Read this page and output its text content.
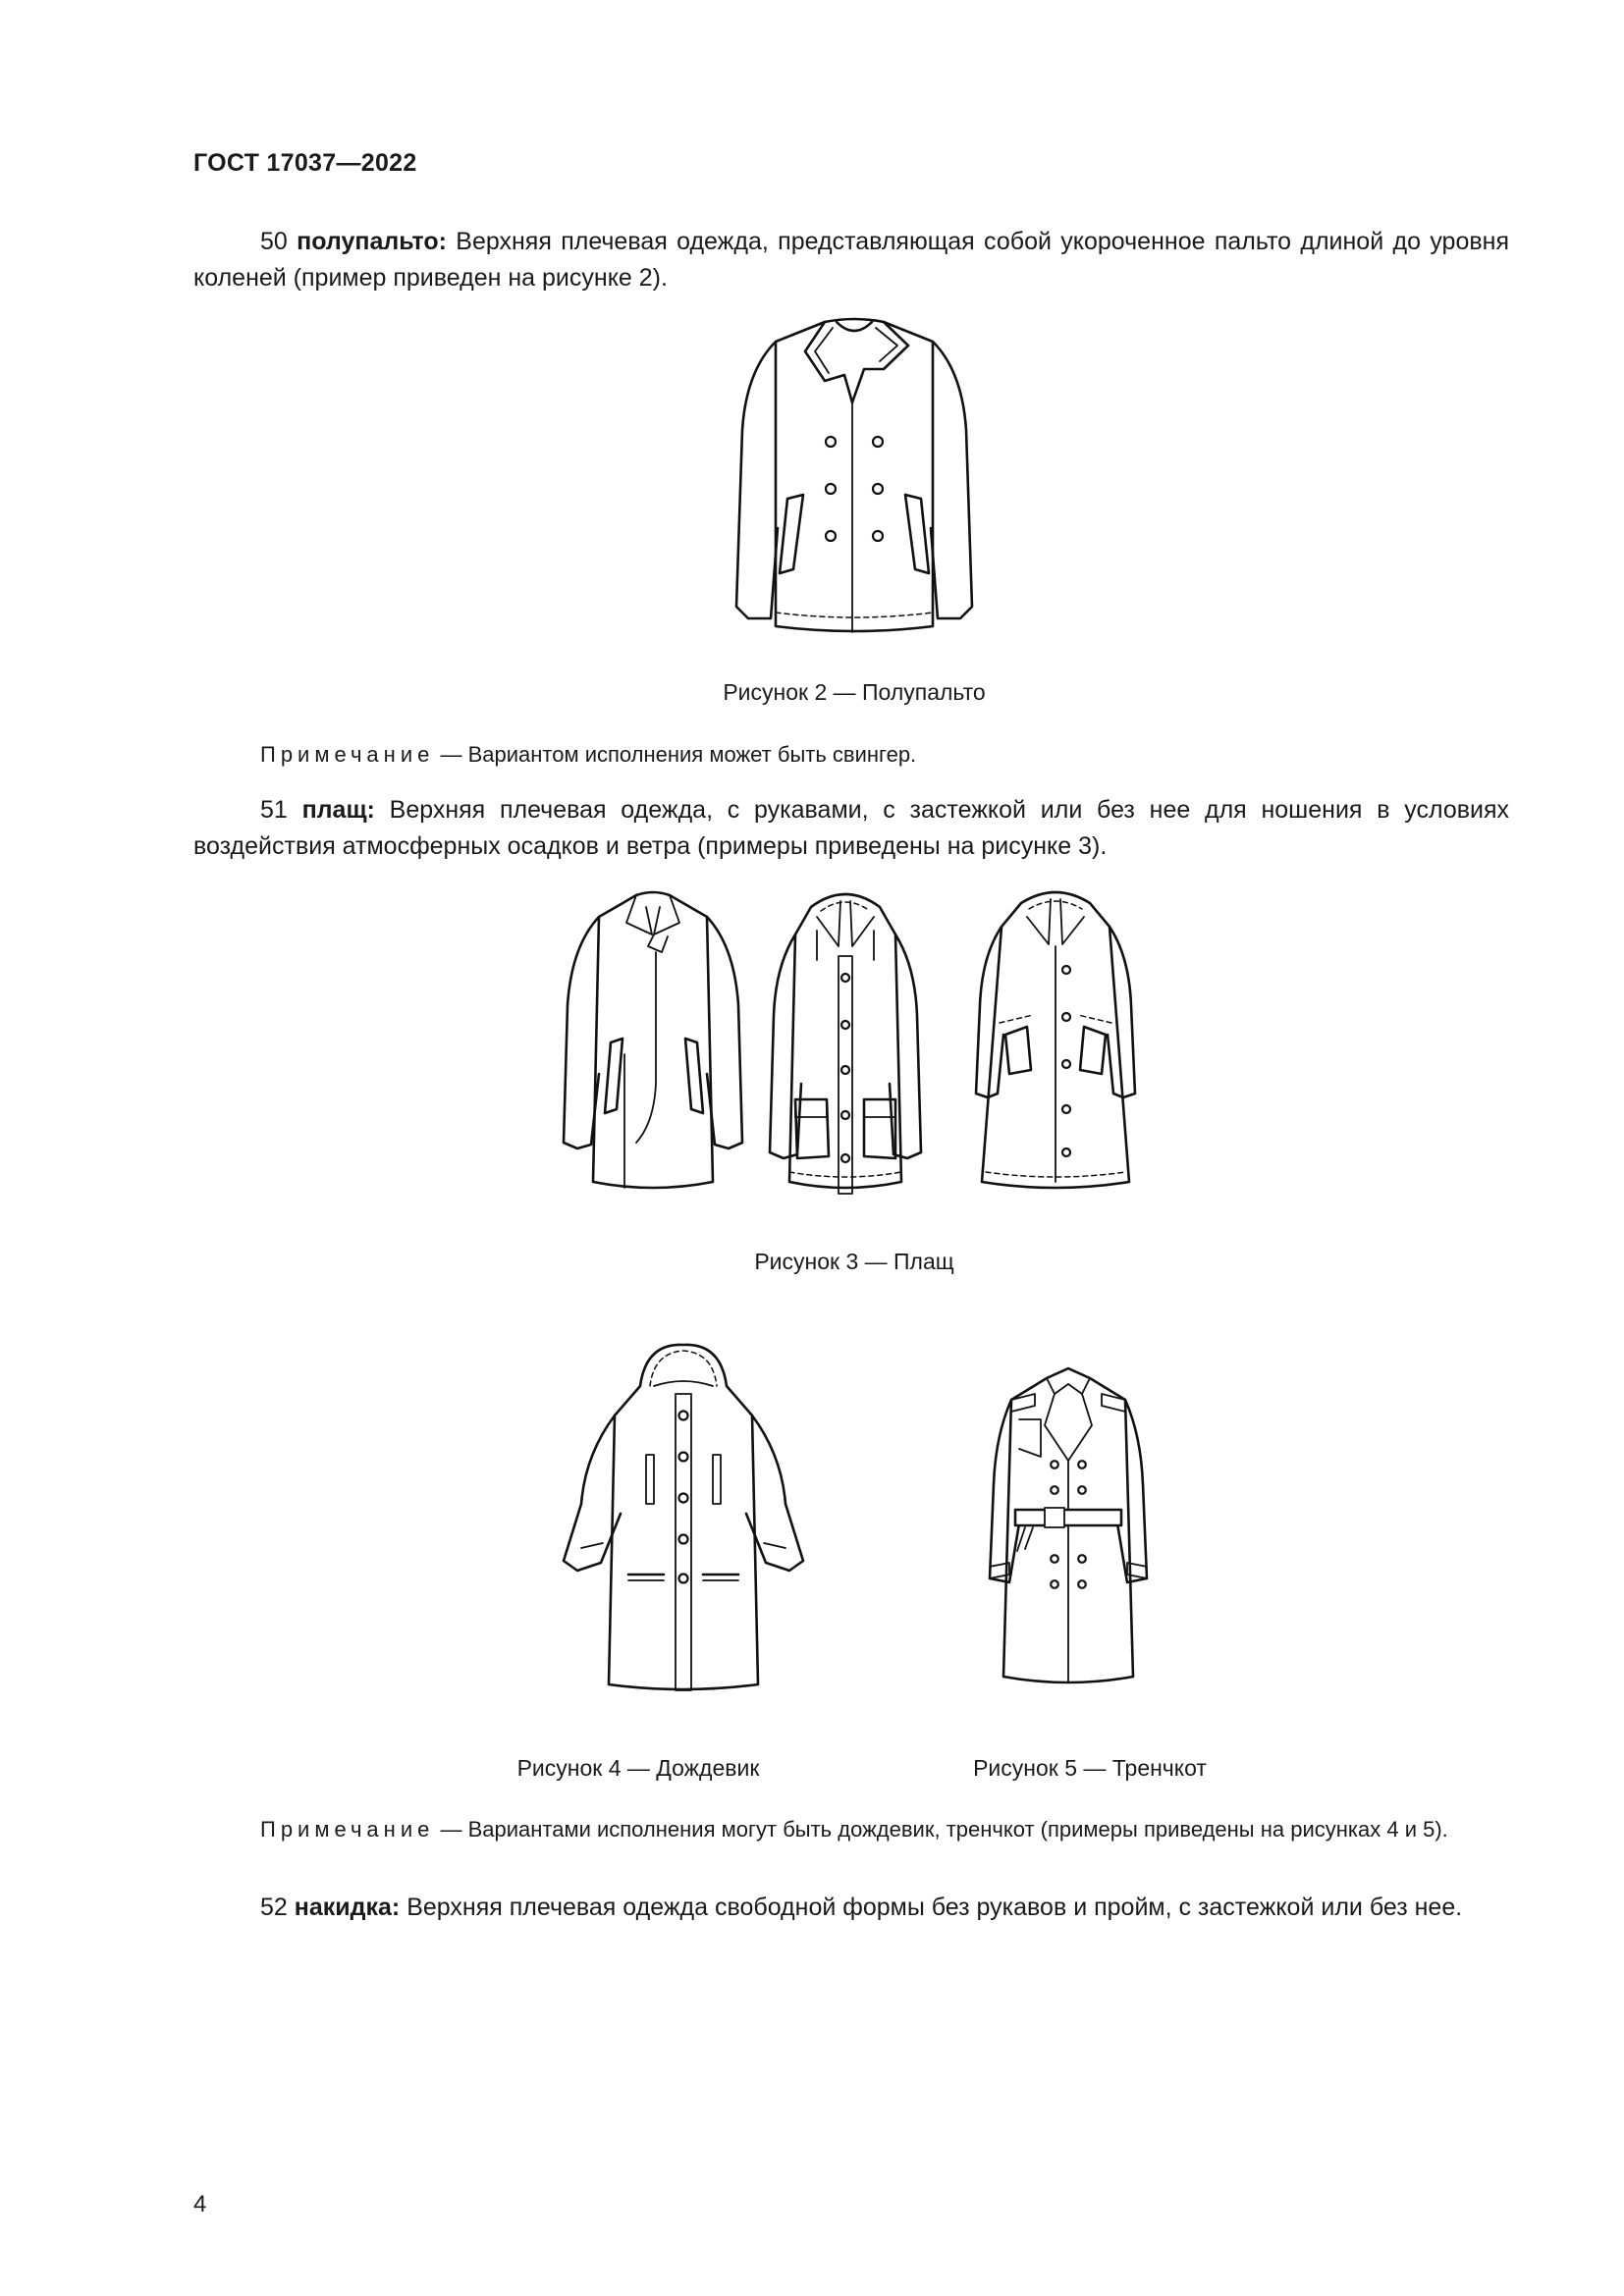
ГОСТ 17037—2022
50 полупальто: Верхняя плечевая одежда, представляющая собой укороченное пальто длиной до уровня коленей (пример приведен на рисунке 2).
Рисунок 2 — Полупальто
Примечание — Вариантом исполнения может быть свингер.
51 плащ: Верхняя плечевая одежда, с рукавами, с застежкой или без нее для ношения в условиях воздействия атмосферных осадков и ветра (примеры приведены на рисунке 3).
Рисунок 3 — Плащ
Рисунок 4 — Дождевик	Рисунок 5 — Тренчкот
Примечание — Вариантами исполнения могут быть дождевик, тренчкот (примеры приведены на рисунках 4 и 5).
52 накидка: Верхняя плечевая одежда свободной формы без рукавов и пройм, с застежкой или без нее.
4
